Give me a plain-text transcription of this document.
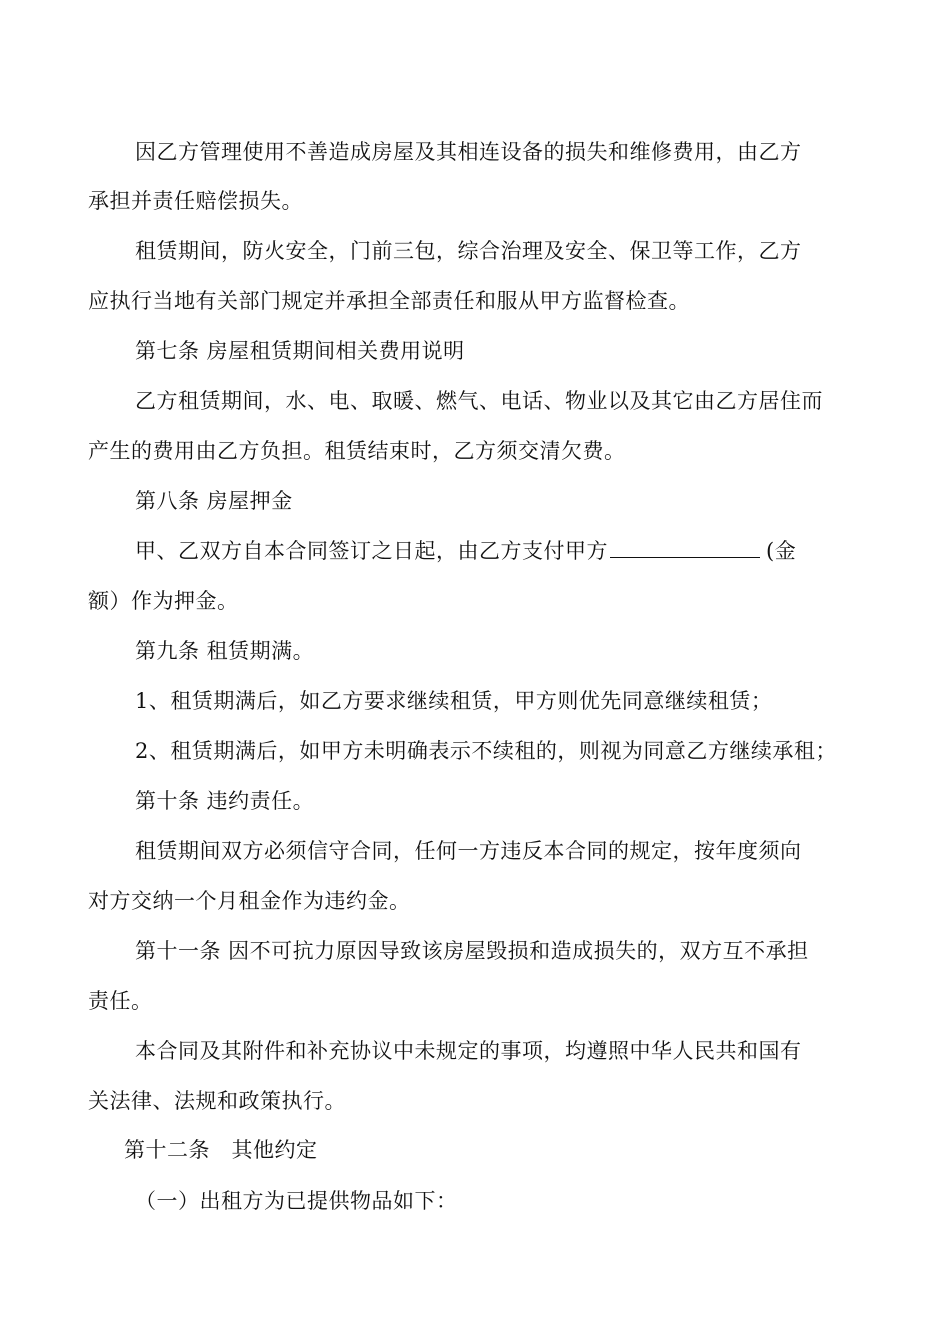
因乙方管理使用不善造成房屋及其相连设备的损失和维修费用，由乙方

承担并责任赔偿损失。

租赁期间，防火安全，门前三包，综合治理及安全、保卫等工作，乙方

应执行当地有关部门规定并承担全部责任和服从甲方监督检查。

第七条 房屋租赁期间相关费用说明

乙方租赁期间，水、电、取暖、燃气、电话、物业以及其它由乙方居住而

产生的费用由乙方负担。租赁结束时，乙方须交清欠费。

第八条 房屋押金

甲、乙双方自本合同签订之日起，由乙方支付甲方	(金

额）作为押金。

第九条 租赁期满。

1、租赁期满后，如乙方要求继续租赁，甲方则优先同意继续租赁；

2、租赁期满后，如甲方未明确表示不续租的，则视为同意乙方继续承租；

第十条 违约责任。

租赁期间双方必须信守合同，任何一方违反本合同的规定，按年度须向

对方交纳一个月租金作为违约金。

第十一条 因不可抗力原因导致该房屋毁损和造成损失的，双方互不承担

责任。

本合同及其附件和补充协议中未规定的事项，均遵照中华人民共和国有

关法律、法规和政策执行。

第十二条　其他约定

（一）出租方为已提供物品如下：
